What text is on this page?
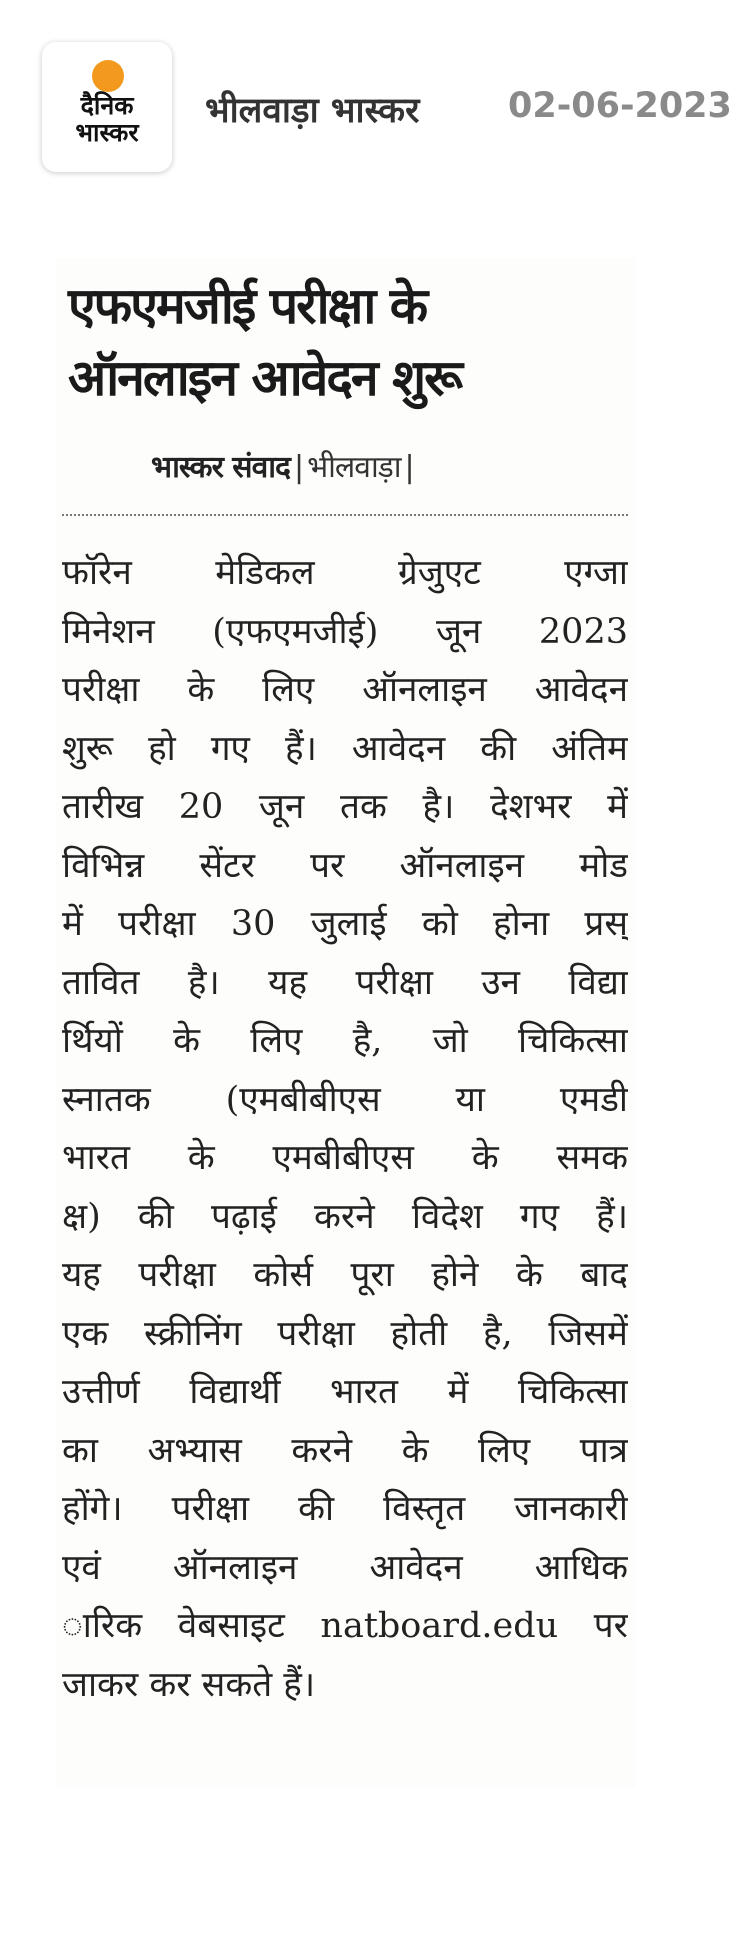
दैनिक
भास्कर
भीलवाड़ा भास्कर	02-06-2023
एफएमजीई परीक्षा के
ऑनलाइन आवेदन शुरू
भास्कर संवाद | भीलवाड़ा |
फॉरेन मेडिकल ग्रेजुएट एग्जा
मिनेशन (एफएमजीई) जून 2023
परीक्षा के लिए ऑनलाइन आवेदन
शुरू हो गए हैं। आवेदन की अंतिम
तारीख 20 जून तक है। देशभर में
विभिन्न सेंटर पर ऑनलाइन मोड
में परीक्षा 30 जुलाई को होना प्रस्
तावित है। यह परीक्षा उन विद्या
र्थियों के लिए है, जो चिकित्सा
स्नातक (एमबीबीएस या एमडी
भारत के एमबीबीएस के समक
क्ष) की पढ़ाई करने विदेश गए हैं।
यह परीक्षा कोर्स पूरा होने के बाद
एक स्क्रीनिंग परीक्षा होती है, जिसमें
उत्तीर्ण विद्यार्थी भारत में चिकित्सा
का अभ्यास करने के लिए पात्र
होंगे। परीक्षा की विस्तृत जानकारी
एवं ऑनलाइन आवेदन आधिक
ारिक वेबसाइट natboard.edu पर
जाकर कर सकते हैं।
